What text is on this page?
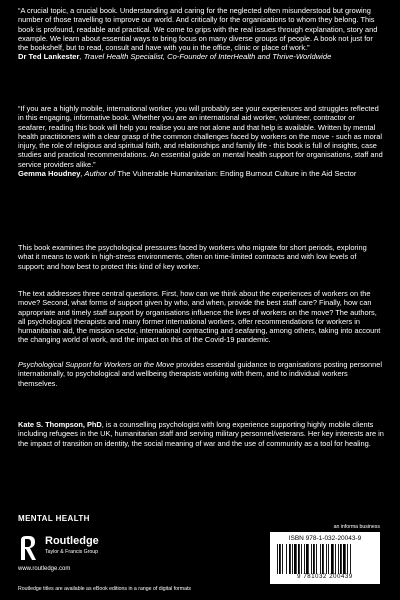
“A crucial topic, a crucial book. Understanding and caring for the neglected often misunderstood but growing number of those travelling to improve our world. And critically for the organisations to whom they belong. This book is profound, readable and practical. We come to grips with the real issues through explanation, story and example. We learn about essential ways to bring focus on many diverse groups of people. A book not just for the bookshelf, but to read, consult and have with you in the office, clinic or place of work.”
Dr Ted Lankester, Travel Health Specialist, Co-Founder of InterHealth and Thrive-Worldwide

“If you are a highly mobile, international worker, you will probably see your experiences and struggles reflected in this engaging, informative book. Whether you are an international aid worker, volunteer, contractor or seafarer, reading this book will help you realise you are not alone and that help is available. Written by mental health practitioners with a clear grasp of the common challenges faced by workers on the move - such as moral injury, the role of religious and spiritual faith, and relationships and family life - this book is full of insights, case studies and practical recommendations. An essential guide on mental health support for organisations, staff and service providers alike.”
Gemma Houdney, Author of The Vulnerable Humanitarian: Ending Burnout Culture in the Aid Sector

This book examines the psychological pressures faced by workers who migrate for short periods, exploring what it means to work in high-stress environments, often on time-limited contracts and with low levels of support; and how best to protect this kind of key worker.

The text addresses three central questions. First, how can we think about the experiences of workers on the move? Second, what forms of support given by who, and when, provide the best staff care? Finally, how can appropriate and timely staff support by organisations influence the lives of workers on the move? The authors, all psychological therapists and many former international workers, offer recommendations for workers in humanitarian aid, the mission sector, international contracting and seafaring, among others, taking into account the changing world of work, and the impact on this of the Covid-19 pandemic.

Psychological Support for Workers on the Move provides essential guidance to organisations posting personnel internationally, to psychological and wellbeing therapists working with them, and to individual workers themselves.

Kate S. Thompson, PhD, is a counselling psychologist with long experience supporting highly mobile clients including refugees in the UK, humanitarian staff and serving military personnel/veterans. Her key interests are in the impact of transition on identity, the social meaning of war and the use of community as a tool for healing.

MENTAL HEALTH
Routledge
Taylor & Francis Group
www.routledge.com
an informa business
ISBN 978-1-032-20043-9
9 781032 200439
Routledge titles are available as eBook editions in a range of digital formats
